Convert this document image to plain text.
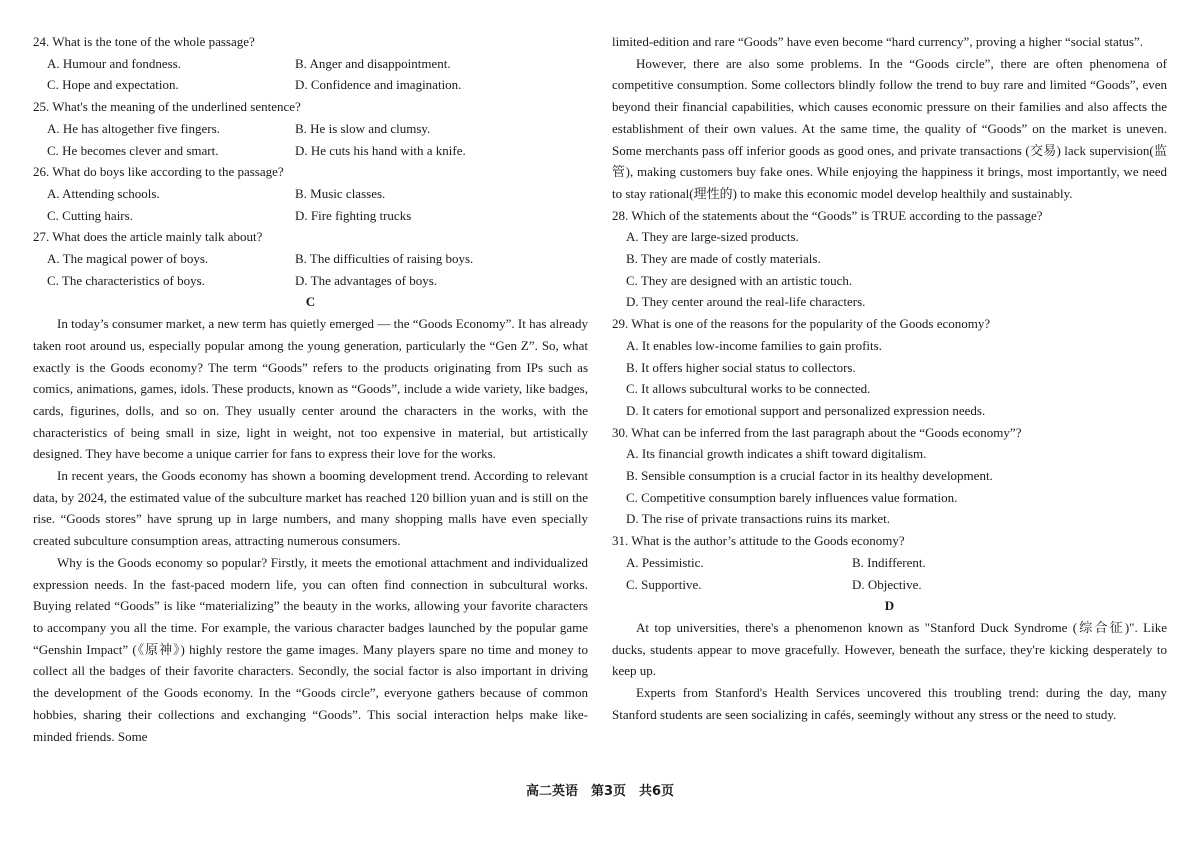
24. What is the tone of the whole passage?

A. Humour and fondness.	B. Anger and disappointment.
C. Hope and expectation.	D. Confidence and imagination.

25. What's the meaning of the underlined sentence?

A. He has altogether five fingers.	B. He is slow and clumsy.
C. He becomes clever and smart.	D. He cuts his hand with a knife.

26. What do boys like according to the passage?

A. Attending schools.	B. Music classes.
C. Cutting hairs.	D. Fire fighting trucks

27. What does the article mainly talk about?

A. The magical power of boys.	B. The difficulties of raising boys.
C. The characteristics of boys.	D. The advantages of boys.

C

In today’s consumer market, a new term has quietly emerged — the “Goods Economy”. It has already taken root around us, especially popular among the young generation, particularly the “Gen Z”. So, what exactly is the Goods economy? The term “Goods” refers to the products originating from IPs such as comics, animations, games, idols. These products, known as “Goods”, include a wide variety, like badges, cards, figurines, dolls, and so on. They usually center around the characters in the works, with the characteristics of being small in size, light in weight, not too expensive in material, but artistically designed. They have become a unique carrier for fans to express their love for the works.

In recent years, the Goods economy has shown a booming development trend. According to relevant data, by 2024, the estimated value of the subculture market has reached 120 billion yuan and is still on the rise. “Goods stores” have sprung up in large numbers, and many shopping malls have even specially created subculture consumption areas, attracting numerous consumers.

Why is the Goods economy so popular? Firstly, it meets the emotional attachment and individualized expression needs. In the fast-paced modern life, you can often find connection in subcultural works. Buying related “Goods” is like “materializing” the beauty in the works, allowing your favorite characters to accompany you all the time. For example, the various character badges launched by the popular game “Genshin Impact” (《原神》) highly restore the game images. Many players spare no time and money to collect all the badges of their favorite characters. Secondly, the social factor is also important in driving the development of the Goods economy. In the “Goods circle”, everyone gathers because of common hobbies, sharing their collections and exchanging “Goods”. This social interaction helps make like-minded friends. Some

limited-edition and rare “Goods” have even become “hard currency”, proving a higher “social status”.

However, there are also some problems. In the “Goods circle”, there are often phenomena of competitive consumption. Some collectors blindly follow the trend to buy rare and limited “Goods”, even beyond their financial capabilities, which causes economic pressure on their families and also affects the establishment of their own values. At the same time, the quality of “Goods” on the market is uneven. Some merchants pass off inferior goods as good ones, and private transactions (交易) lack supervision(监管), making customers buy fake ones. While enjoying the happiness it brings, most importantly, we need to stay rational(理性的) to make this economic model develop healthily and sustainably.

28. Which of the statements about the “Goods” is TRUE according to the passage?

A. They are large-sized products.
B. They are made of costly materials.
C. They are designed with an artistic touch.
D. They center around the real-life characters.

29. What is one of the reasons for the popularity of the Goods economy?

A. It enables low-income families to gain profits.
B. It offers higher social status to collectors.
C. It allows subcultural works to be connected.
D. It caters for emotional support and personalized expression needs.

30. What can be inferred from the last paragraph about the “Goods economy”?

A. Its financial growth indicates a shift toward digitalism.
B. Sensible consumption is a crucial factor in its healthy development.
C. Competitive consumption barely influences value formation.
D. The rise of private transactions ruins its market.

31. What is the author’s attitude to the Goods economy?

A. Pessimistic.	B. Indifferent.
C. Supportive.	D. Objective.

D

At top universities, there's a phenomenon known as "Stanford Duck Syndrome (综合征)". Like ducks, students appear to move gracefully. However, beneath the surface, they're kicking desperately to keep up.

Experts from Stanford's Health Services uncovered this troubling trend: during the day, many Stanford students are seen socializing in cafés, seemingly without any stress or the need to study.

高二英语　第3页　共6页
